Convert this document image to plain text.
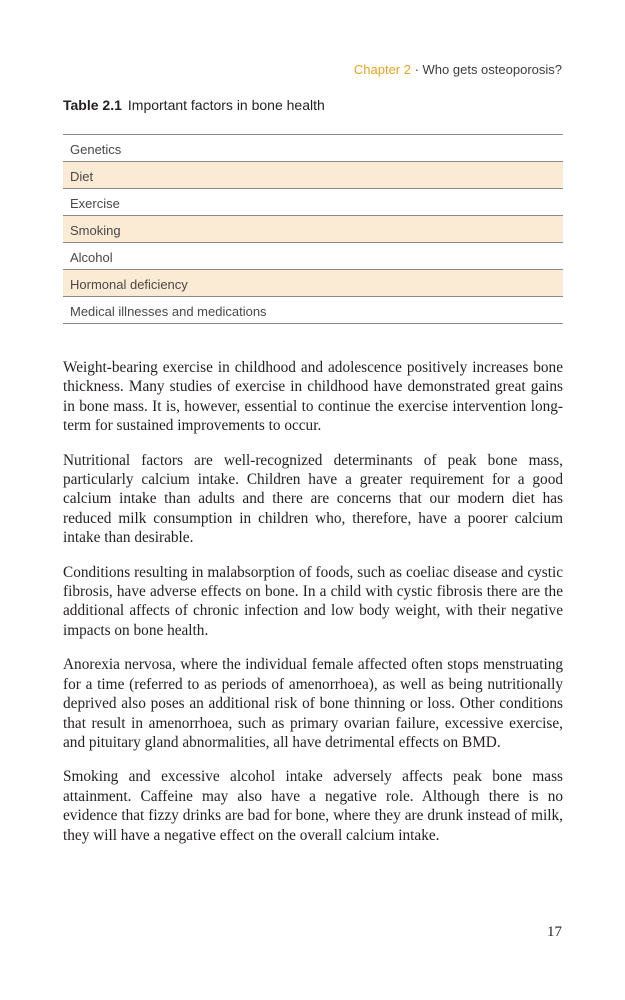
Chapter 2 · Who gets osteoporosis?
Table 2.1 Important factors in bone health
Genetics
Diet
Exercise
Smoking
Alcohol
Hormonal deficiency
Medical illnesses and medications

Weight-bearing exercise in childhood and adolescence positively increases bone thickness. Many studies of exercise in childhood have demonstrated great gains in bone mass. It is, however, essential to continue the exercise intervention long-term for sustained improvements to occur.

Nutritional factors are well-recognized determinants of peak bone mass, particularly calcium intake. Children have a greater requirement for a good calcium intake than adults and there are concerns that our modern diet has reduced milk consumption in children who, therefore, have a poorer calcium intake than desirable.

Conditions resulting in malabsorption of foods, such as coeliac disease and cystic fibrosis, have adverse effects on bone. In a child with cystic fibrosis there are the additional affects of chronic infection and low body weight, with their negative impacts on bone health.

Anorexia nervosa, where the individual female affected often stops menstruating for a time (referred to as periods of amenorrhoea), as well as being nutritionally deprived also poses an additional risk of bone thinning or loss. Other conditions that result in amenorrhoea, such as primary ovarian failure, excessive exercise, and pituitary gland abnormalities, all have detrimental effects on BMD.

Smoking and excessive alcohol intake adversely affects peak bone mass attainment. Caffeine may also have a negative role. Although there is no evidence that fizzy drinks are bad for bone, where they are drunk instead of milk, they will have a negative effect on the overall calcium intake.

17
